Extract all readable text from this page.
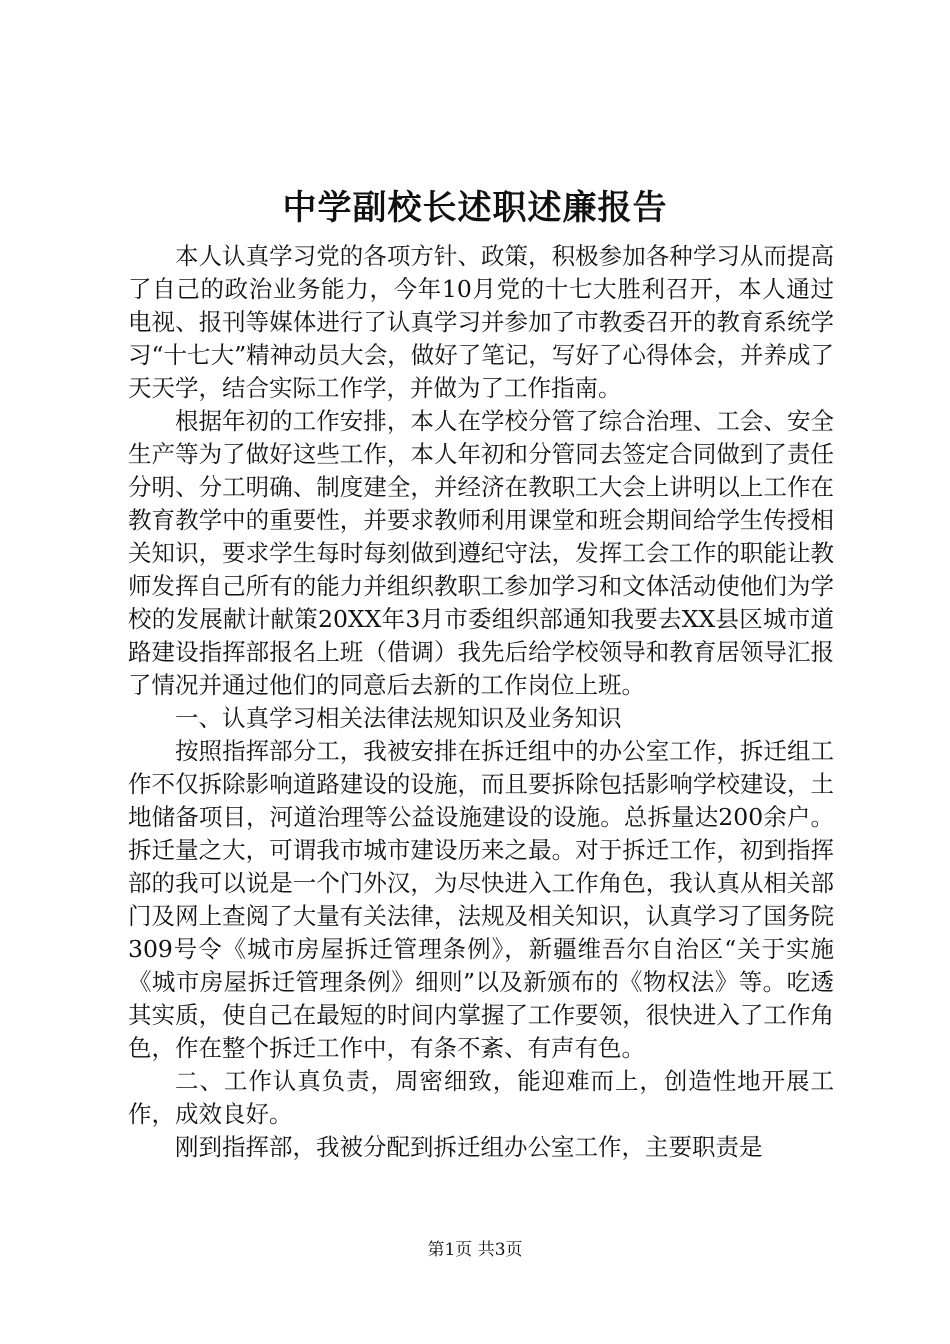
中学副校长述职述廉报告

本人认真学习党的各项方针、政策，积极参加各种学习从而提高了自己的政治业务能力，今年10月党的十七大胜利召开，本人通过电视、报刊等媒体进行了认真学习并参加了市教委召开的教育系统学习“十七大”精神动员大会，做好了笔记，写好了心得体会，并养成了天天学，结合实际工作学，并做为了工作指南。

根据年初的工作安排，本人在学校分管了综合治理、工会、安全生产等为了做好这些工作，本人年初和分管同去签定合同做到了责任分明、分工明确、制度建全，并经济在教职工大会上讲明以上工作在教育教学中的重要性，并要求教师利用课堂和班会期间给学生传授相关知识，要求学生每时每刻做到遵纪守法，发挥工会工作的职能让教师发挥自己所有的能力并组织教职工参加学习和文体活动使他们为学校的发展献计献策20XX年3月市委组织部通知我要去XX县区城市道路建设指挥部报名上班（借调）我先后给学校领导和教育居领导汇报了情况并通过他们的同意后去新的工作岗位上班。

一、认真学习相关法律法规知识及业务知识

按照指挥部分工，我被安排在拆迁组中的办公室工作，拆迁组工作不仅拆除影响道路建设的设施，而且要拆除包括影响学校建设，土地储备项目，河道治理等公益设施建设的设施。总拆量达200余户。拆迁量之大，可谓我市城市建设历来之最。对于拆迁工作，初到指挥部的我可以说是一个门外汉，为尽快进入工作角色，我认真从相关部门及网上查阅了大量有关法律，法规及相关知识，认真学习了国务院309号令《城市房屋拆迁管理条例》，新疆维吾尔自治区“关于实施《城市房屋拆迁管理条例》细则”以及新颁布的《物权法》等。吃透其实质，使自己在最短的时间内掌握了工作要领，很快进入了工作角色，作在整个拆迁工作中，有条不紊、有声有色。

二、工作认真负责，周密细致，能迎难而上，创造性地开展工作，成效良好。

刚到指挥部，我被分配到拆迁组办公室工作，主要职责是

第1页 共3页
